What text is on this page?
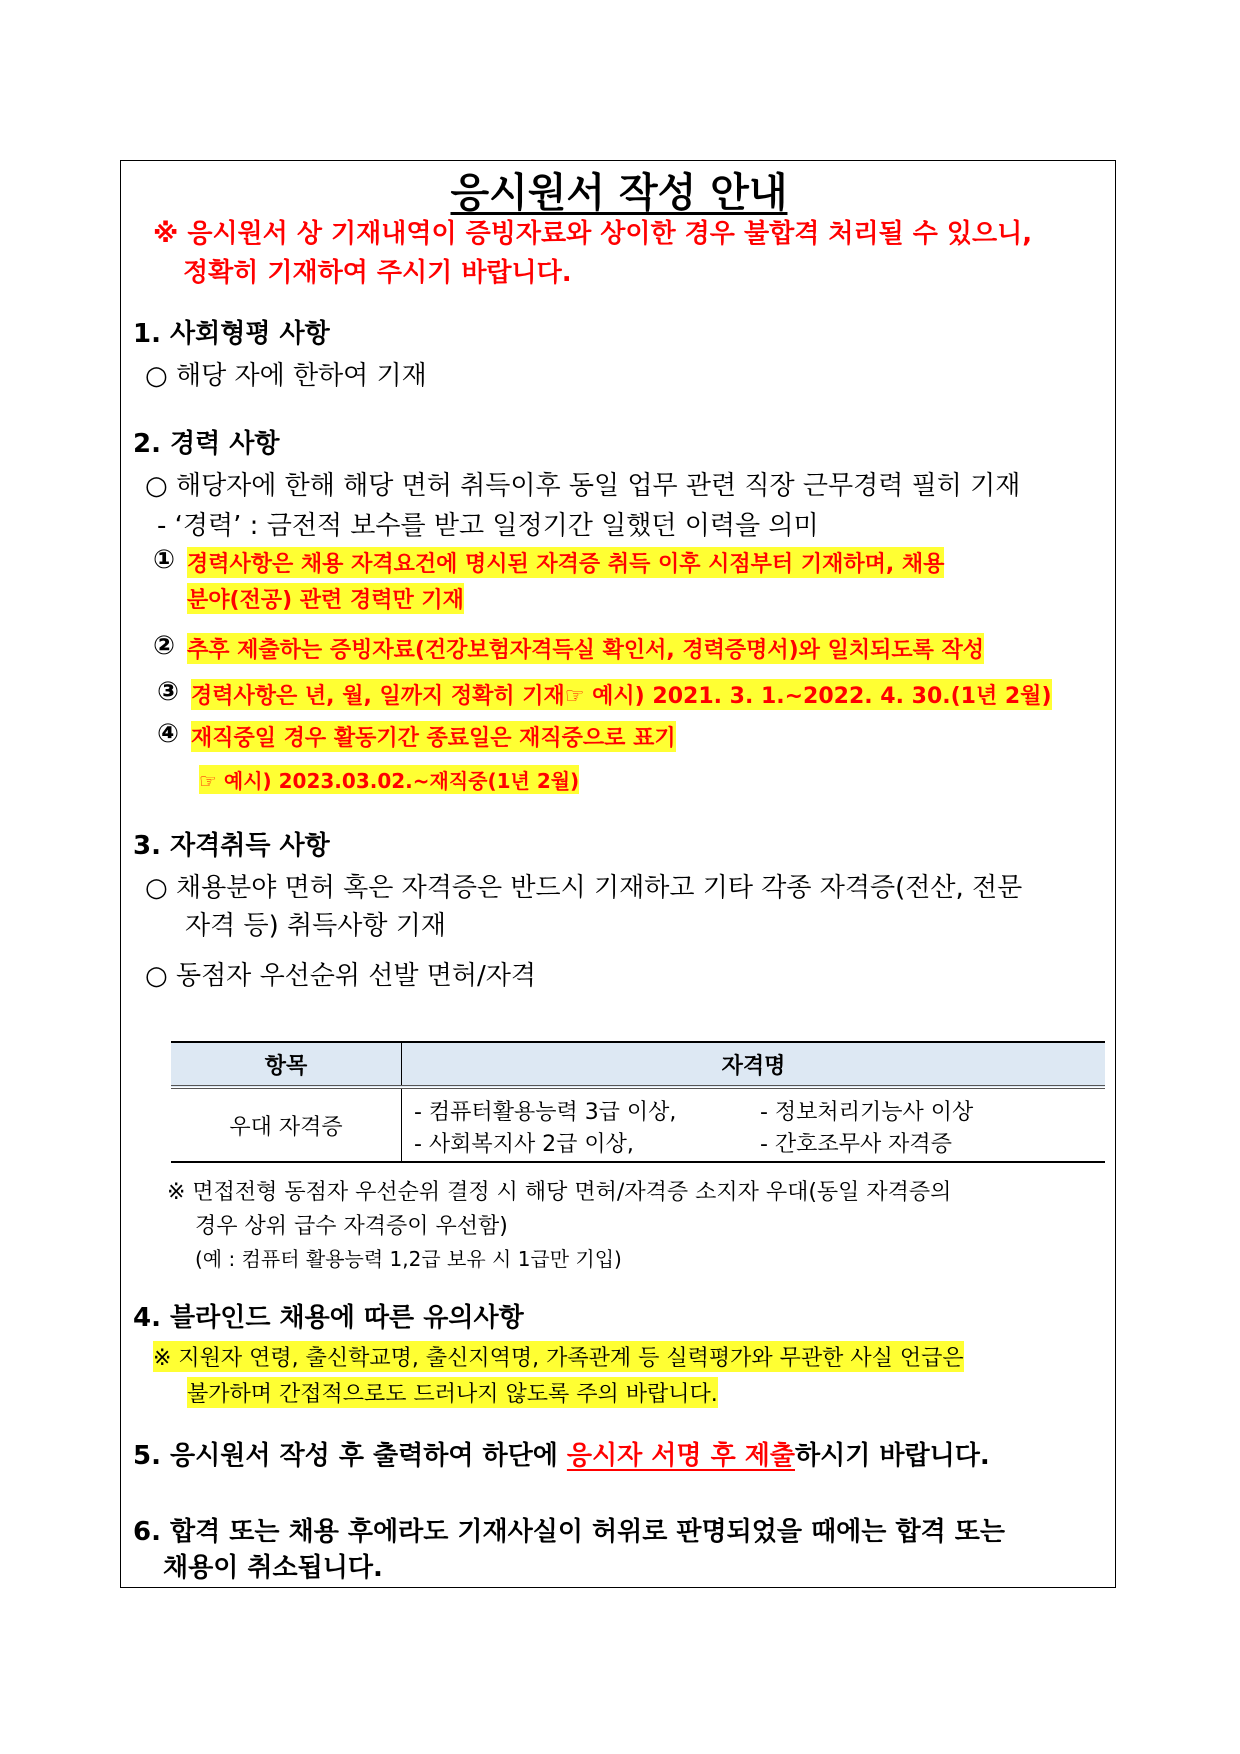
응시원서 작성 안내
※ 응시원서 상 기재내역이 증빙자료와 상이한 경우 불합격 처리될 수 있으니,
정확히 기재하여 주시기 바랍니다.
1. 사회형평 사항
○ 해당 자에 한하여 기재
2. 경력 사항
○ 해당자에 한해 해당 면허 취득이후 동일 업무 관련 직장 근무경력 필히 기재
- ‘경력’ : 금전적 보수를 받고 일정기간 일했던 이력을 의미
① 경력사항은 채용 자격요건에 명시된 자격증 취득 이후 시점부터 기재하며, 채용
분야(전공) 관련 경력만 기재
② 추후 제출하는 증빙자료(건강보험자격득실 확인서, 경력증명서)와 일치되도록 작성
③ 경력사항은 년, 월, 일까지 정확히 기재☞ 예시) 2021. 3. 1.~2022. 4. 30.(1년 2월)
④ 재직중일 경우 활동기간 종료일은 재직중으로 표기
☞ 예시) 2023.03.02.~재직중(1년 2월)
3. 자격취득 사항
○ 채용분야 면허 혹은 자격증은 반드시 기재하고 기타 각종 자격증(전산, 전문
자격 등) 취득사항 기재
○ 동점자 우선순위 선발 면허/자격
항목	자격명
우대 자격증	- 컴퓨터활용능력 3급 이상, - 정보처리기능사 이상
- 사회복지사 2급 이상, - 간호조무사 자격증
※ 면접전형 동점자 우선순위 결정 시 해당 면허/자격증 소지자 우대(동일 자격증의
경우 상위 급수 자격증이 우선함)
(예 : 컴퓨터 활용능력 1,2급 보유 시 1급만 기입)
4. 블라인드 채용에 따른 유의사항
※ 지원자 연령, 출신학교명, 출신지역명, 가족관계 등 실력평가와 무관한 사실 언급은
불가하며 간접적으로도 드러나지 않도록 주의 바랍니다.
5. 응시원서 작성 후 출력하여 하단에 응시자 서명 후 제출하시기 바랍니다.
6. 합격 또는 채용 후에라도 기재사실이 허위로 판명되었을 때에는 합격 또는
채용이 취소됩니다.
